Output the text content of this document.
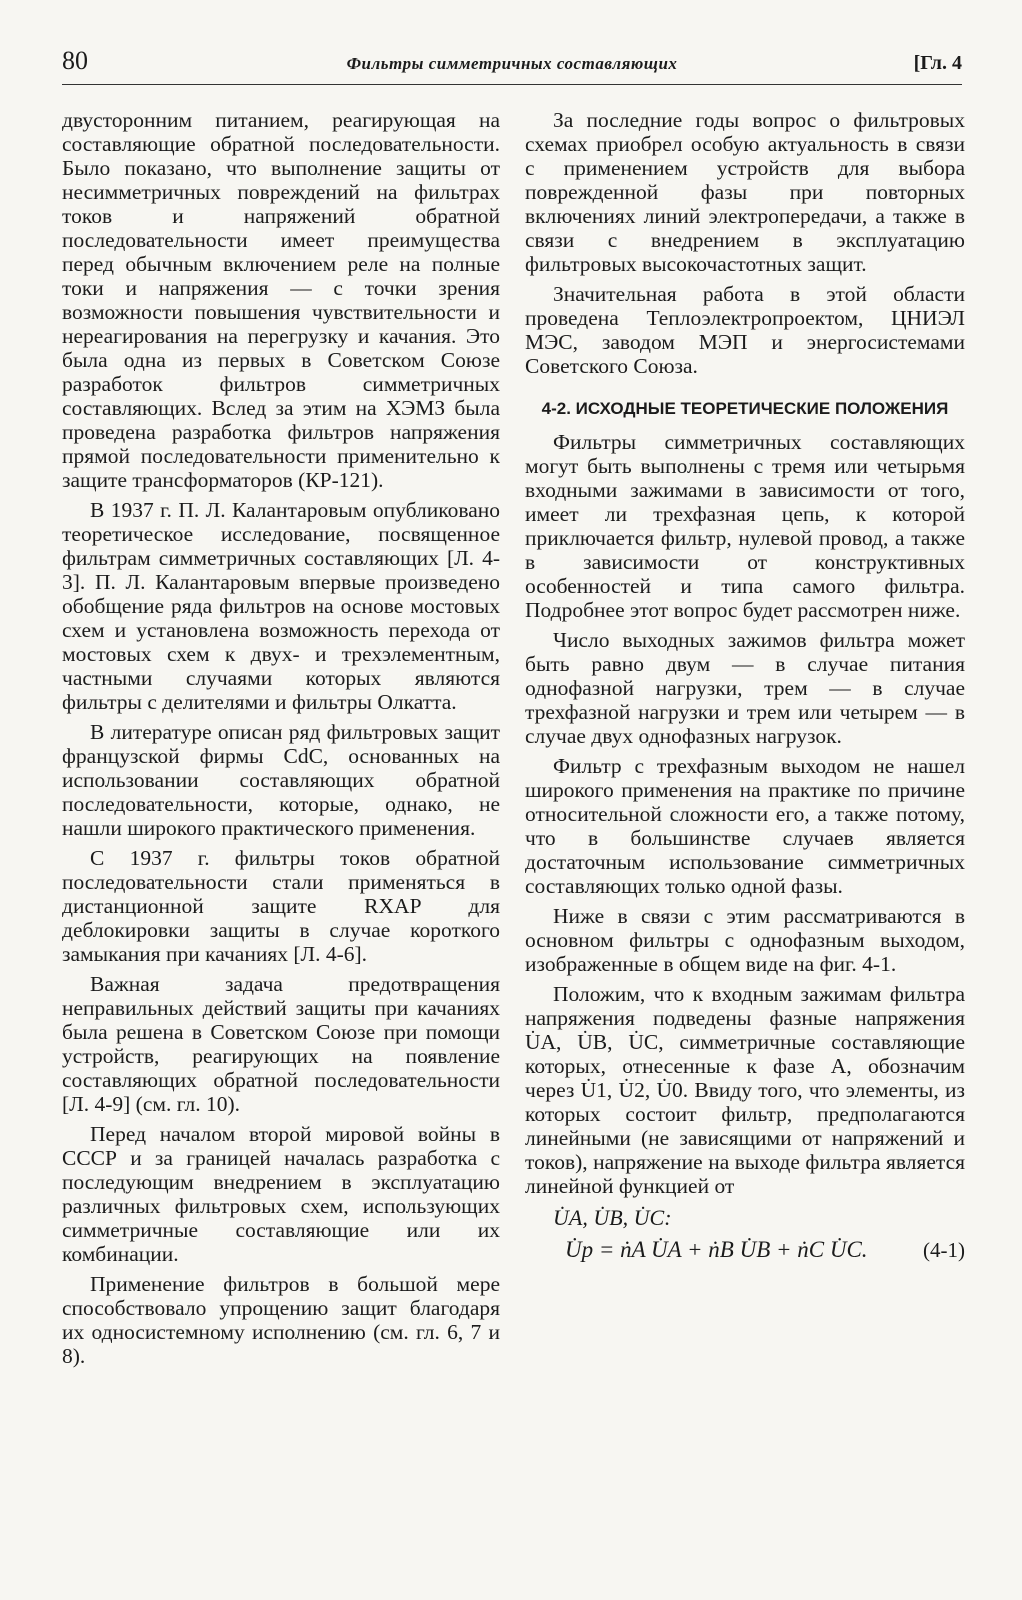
80	Фильтры симметричных составляющих	[Гл. 4

двусторонним питанием, реагирующая на составляющие обратной последовательности. Было показано, что выполнение защиты от несимметричных повреждений на фильтрах токов и напряжений обратной последовательности имеет преимущества перед обычным включением реле на полные токи и напряжения — с точки зрения возможности повышения чувствительности и нереагирования на перегрузку и качания. Это была одна из первых в Советском Союзе разработок фильтров симметричных составляющих. Вслед за этим на ХЭМЗ была проведена разработка фильтров напряжения прямой последовательности применительно к защите трансформаторов (КР-121).

В 1937 г. П. Л. Калантаровым опубликовано теоретическое исследование, посвященное фильтрам симметричных составляющих [Л. 4-3]. П. Л. Калантаровым впервые произведено обобщение ряда фильтров на основе мостовых схем и установлена возможность перехода от мостовых схем к двух- и трехэлементным, частными случаями которых являются фильтры с делителями и фильтры Олкатта.

В литературе описан ряд фильтровых защит французской фирмы CdC, основанных на использовании составляющих обратной последовательности, которые, однако, не нашли широкого практического применения.

С 1937 г. фильтры токов обратной последовательности стали применяться в дистанционной защите RXAP для деблокировки защиты в случае короткого замыкания при качаниях [Л. 4-6].

Важная задача предотвращения неправильных действий защиты при качаниях была решена в Советском Союзе при помощи устройств, реагирующих на появление составляющих обратной последовательности [Л. 4-9] (см. гл. 10).

Перед началом второй мировой войны в СССР и за границей началась разработка с последующим внедрением в эксплуатацию различных фильтровых схем, использующих симметричные составляющие или их комбинации.

Применение фильтров в большой мере способствовало упрощению защит благодаря их односистемному исполнению (см. гл. 6, 7 и 8).

За последние годы вопрос о фильтровых схемах приобрел особую актуальность в связи с применением устройств для выбора поврежденной фазы при повторных включениях линий электропередачи, а также в связи с внедрением в эксплуатацию фильтровых высокочастотных защит.

Значительная работа в этой области проведена Теплоэлектропроектом, ЦНИЭЛ МЭС, заводом МЭП и энергосистемами Советского Союза.

4-2. ИСХОДНЫЕ ТЕОРЕТИЧЕСКИЕ ПОЛОЖЕНИЯ

Фильтры симметричных составляющих могут быть выполнены с тремя или четырьмя входными зажимами в зависимости от того, имеет ли трехфазная цепь, к которой приключается фильтр, нулевой провод, а также в зависимости от конструктивных особенностей и типа самого фильтра. Подробнее этот вопрос будет рассмотрен ниже.

Число выходных зажимов фильтра может быть равно двум — в случае питания однофазной нагрузки, трем — в случае трехфазной нагрузки и трем или четырем — в случае двух однофазных нагрузок.

Фильтр с трехфазным выходом не нашел широкого применения на практике по причине относительной сложности его, а также потому, что в большинстве случаев является достаточным использование симметричных составляющих только одной фазы.

Ниже в связи с этим рассматриваются в основном фильтры с однофазным выходом, изображенные в общем виде на фиг. 4-1.

Положим, что к входным зажимам фильтра напряжения подведены фазные напряжения U̇A, U̇B, U̇C, симметричные составляющие которых, отнесенные к фазе A, обозначим через U̇1, U̇2, U̇0. Ввиду того, что элементы, из которых состоит фильтр, предполагаются линейными (не зависящими от напряжений и токов), напряжение на выходе фильтра является линейной функцией от

U̇A, U̇B, U̇C:
U̇p = ṅA U̇A + ṅB U̇B + ṅC U̇C.	(4-1)
